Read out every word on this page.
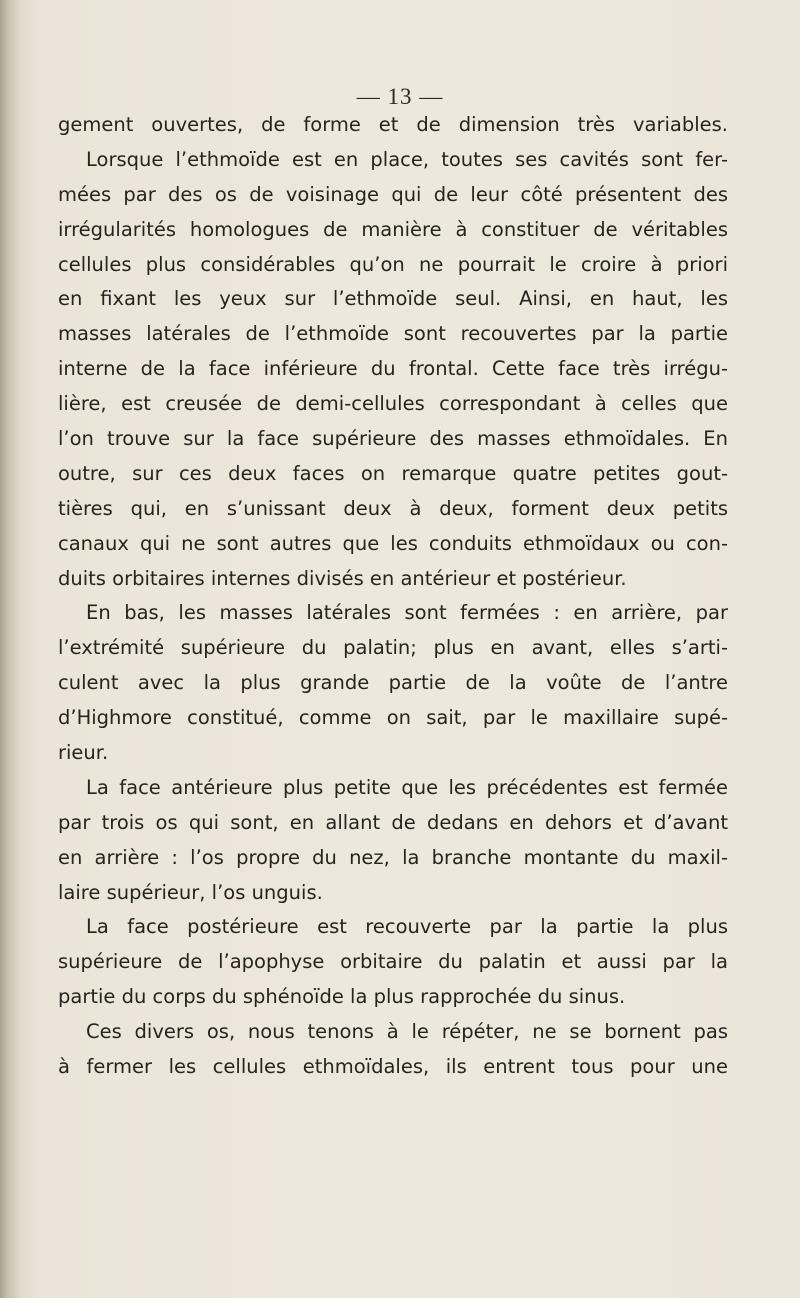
— 13 —

gement ouvertes, de forme et de dimension très variables.
Lorsque l’ethmoïde est en place, toutes ses cavités sont fer-
mées par des os de voisinage qui de leur côté présentent des
irrégularités homologues de manière à constituer de véritables
cellules plus considérables qu’on ne pourrait le croire à priori
en fixant les yeux sur l’ethmoïde seul. Ainsi, en haut, les
masses latérales de l’ethmoïde sont recouvertes par la partie
interne de la face inférieure du frontal. Cette face très irrégu-
lière, est creusée de demi-cellules correspondant à celles que
l’on trouve sur la face supérieure des masses ethmoïdales. En
outre, sur ces deux faces on remarque quatre petites gout-
tières qui, en s’unissant deux à deux, forment deux petits
canaux qui ne sont autres que les conduits ethmoïdaux ou con-
duits orbitaires internes divisés en antérieur et postérieur.
En bas, les masses latérales sont fermées : en arrière, par
l’extrémité supérieure du palatin; plus en avant, elles s’arti-
culent avec la plus grande partie de la voûte de l’antre
d’Highmore constitué, comme on sait, par le maxillaire supé-
rieur.
La face antérieure plus petite que les précédentes est fermée
par trois os qui sont, en allant de dedans en dehors et d’avant
en arrière : l’os propre du nez, la branche montante du maxil-
laire supérieur, l’os unguis.
La face postérieure est recouverte par la partie la plus
supérieure de l’apophyse orbitaire du palatin et aussi par la
partie du corps du sphénoïde la plus rapprochée du sinus.
Ces divers os, nous tenons à le répéter, ne se bornent pas
à fermer les cellules ethmoïdales, ils entrent tous pour une
